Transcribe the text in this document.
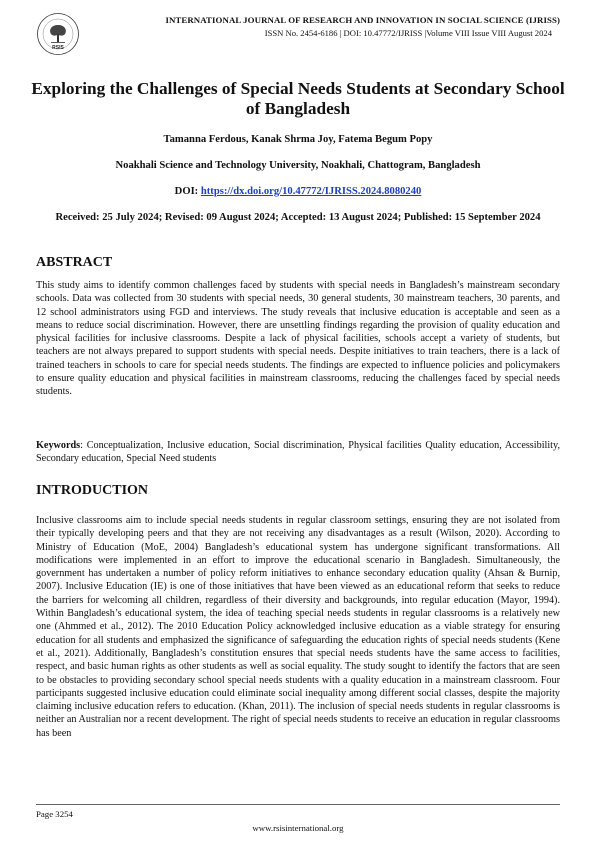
RSIS
INTERNATIONAL JOURNAL OF RESEARCH AND INNOVATION IN SOCIAL SCIENCE (IJRISS)
ISSN No. 2454-6186 | DOI: 10.47772/IJRISS |Volume VIII Issue VIII August 2024
Exploring the Challenges of Special Needs Students at Secondary School of Bangladesh
Tamanna Ferdous, Kanak Shrma Joy, Fatema Begum Popy
Noakhali Science and Technology University, Noakhali, Chattogram, Bangladesh
DOI: https://dx.doi.org/10.47772/IJRISS.2024.8080240
Received: 25 July 2024; Revised: 09 August 2024; Accepted: 13 August 2024; Published: 15 September 2024
ABSTRACT

This study aims to identify common challenges faced by students with special needs in Bangladesh’s mainstream secondary schools. Data was collected from 30 students with special needs, 30 general students, 30 mainstream teachers, 30 parents, and 12 school administrators using FGD and interviews. The study reveals that inclusive education is acceptable and seen as a means to reduce social discrimination. However, there are unsettling findings regarding the provision of quality education and physical facilities for inclusive classrooms. Despite a lack of physical facilities, schools accept a variety of students, but teachers are not always prepared to support students with special needs. Despite initiatives to train teachers, there is a lack of trained teachers in schools to care for special needs students. The findings are expected to influence policies and policymakers to ensure quality education and physical facilities in mainstream classrooms, reducing the challenges faced by special needs students.

Keywords: Conceptualization, Inclusive education, Social discrimination, Physical facilities Quality education, Accessibility, Secondary education, Special Need students

INTRODUCTION

Inclusive classrooms aim to include special needs students in regular classroom settings, ensuring they are not isolated from their typically developing peers and that they are not receiving any disadvantages as a result (Wilson, 2020). According to Ministry of Education (MoE, 2004) Bangladesh’s educational system has undergone significant transformations. All modifications were implemented in an effort to improve the educational scenario in Bangladesh. Simultaneously, the government has undertaken a number of policy reform initiatives to enhance secondary education quality (Ahsan & Burnip, 2007). Inclusive Education (IE) is one of those initiatives that have been viewed as an educational reform that seeks to reduce the barriers for welcoming all children, regardless of their diversity and backgrounds, into regular education (Mayor, 1994). Within Bangladesh’s educational system, the idea of teaching special needs students in regular classrooms is a relatively new one (Ahmmed et al., 2012). The 2010 Education Policy acknowledged inclusive education as a viable strategy for ensuring education for all students and emphasized the significance of safeguarding the education rights of special needs students (Kene et al., 2021). Additionally, Bangladesh’s constitution ensures that special needs students have the same access to facilities, respect, and basic human rights as other students as well as social equality. The study sought to identify the factors that are seen to be obstacles to providing secondary school special needs students with a quality education in a mainstream classroom. Four participants suggested inclusive education could eliminate social inequality among different social classes, despite the majority claiming inclusive education refers to education. (Khan, 2011). The inclusion of special needs students in regular classrooms is neither an Australian nor a recent development. The right of special needs students to receive an education in regular classrooms has been

Page 3254
www.rsisinternational.org
